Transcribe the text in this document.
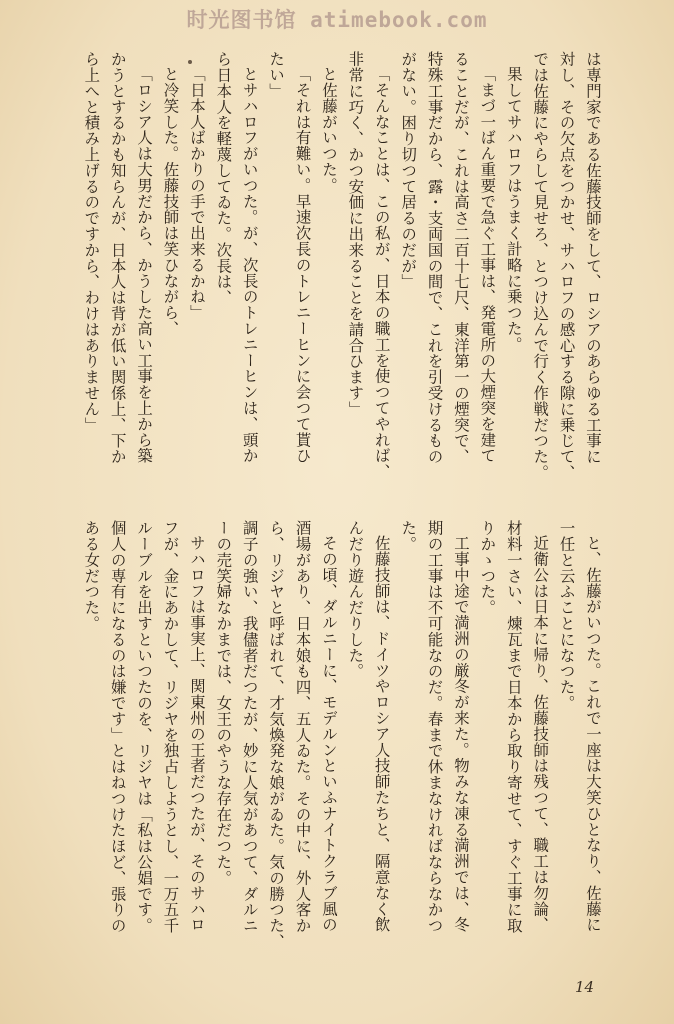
时光图书馆 atimebook.com
は専門家である佐藤技師をして、ロシアのあらゆる工事に
対し、その欠点をつかせ、サハロフの感心する隙に乗じて、
では佐藤にやらして見せろ、とつけ込んで行く作戦だつた。
果してサハロフはうまく計略に乗つた。
「まづ一ばん重要で急ぐ工事は、発電所の大煙突を建て
ることだが、これは高さ二百十七尺、東洋第一の煙突で、
特殊工事だから、露・支両国の間で、これを引受けるもの
がない。困り切つて居るのだが」
「そんなことは、この私が、日本の職工を使つてやれば、
非常に巧く、かつ安価に出来ることを請合ひます」
と佐藤がいつた。
「それは有難い。早速次長のトレニーヒンに会つて貰ひ
たい」
とサハロフがいつた。が、次長のトレニーヒンは、頭か
ら日本人を軽蔑してゐた。次長は、
「日本人ばかりの手で出来るかね」
と冷笑した。佐藤技師は笑ひながら、
「ロシア人は大男だから、かうした高い工事を上から築
かうとするかも知らんが、日本人は背が低い関係上、下か
ら上へと積み上げるのですから、わけはありません」
と、佐藤がいつた。これで一座は大笑ひとなり、佐藤に
一任と云ふことになつた。
近衛公は日本に帰り、佐藤技師は残つて、職工は勿論、
材料一さい、煉瓦まで日本から取り寄せて、すぐ工事に取
りかゝつた。
工事中途で満洲の厳冬が来た。物みな凍る満洲では、冬
期の工事は不可能なのだ。春まで休まなければならなかつ
た。
佐藤技師は、ドイツやロシア人技師たちと、隔意なく飲
んだり遊んだりした。
その頃、ダルニーに、モデルンといふナイトクラブ風の
酒場があり、日本娘も四、五人ゐた。その中に、外人客か
ら、リジヤと呼ばれて、才気煥発な娘がゐた。気の勝つた、
調子の強い、我儘者だつたが、妙に人気があつて、ダルニ
ーの売笑婦なかまでは、女王のやうな存在だつた。
サハロフは事実上、関東州の王者だつたが、そのサハロ
フが、金にあかして、リジヤを独占しようとし、一万五千
ルーブルを出すといつたのを、リジヤは「私は公娼です。
個人の専有になるのは嫌です」とはねつけたほど、張りの
ある女だつた。
14
